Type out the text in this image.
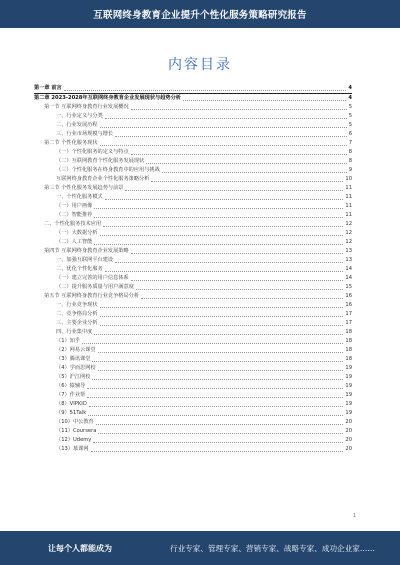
互联网终身教育企业提升个性化服务策略研究报告
内容目录
第一章 前言	4
第二章 2023-2028年互联网终身教育企业发展现状与趋势分析	4
第一节 互联网终身教育行业发展概况	5
一、行业定义与分类	5
二、行业发展历程	5
三、行业市场规模与增长	6
第二节 个性化服务现状	7
（一）个性化服务的定义与特点	8
（二）互联网教育个性化服务发展现状	8
（三）个性化服务在终身教育中的应用与挑战	9
互联网终身教育企业个性化服务策略分析	10
第三节 个性化服务发展趋势与前景	11
一、个性化服务模式	11
（一）用户画像	11
（二）智能推荐	11
二、个性化服务技术应用	12
（一）大数据分析	12
（二）人工智能	12
第四节 互联网终身教育企业发展策略	13
一、加强互联网平台建设	13
二、优化个性化服务	14
（一）建立完善的用户信息体系	14
（二）提升服务质量与用户满意度	15
第五节 互联网终身教育行业竞争格局分析	16
一、行业竞争现状	16
二、竞争格局分析	17
三、主要企业分析	17
四、行业集中度	18
（1）知乎	18
（2）网易云课堂	18
（3）腾讯课堂	18
（4）学而思网校	19
（5）沪江网校	19
（6）猿辅导	19
（7）作业帮	19
（8）VIPKID	19
（9）51Talk	19
（10）中公教育	20
（11）Coursera	20
（12）Udemy	20
（13）慕课网	20
1
让每个人都能成为	行业专家、管理专家、营销专家、战略专家、成功企业家……
